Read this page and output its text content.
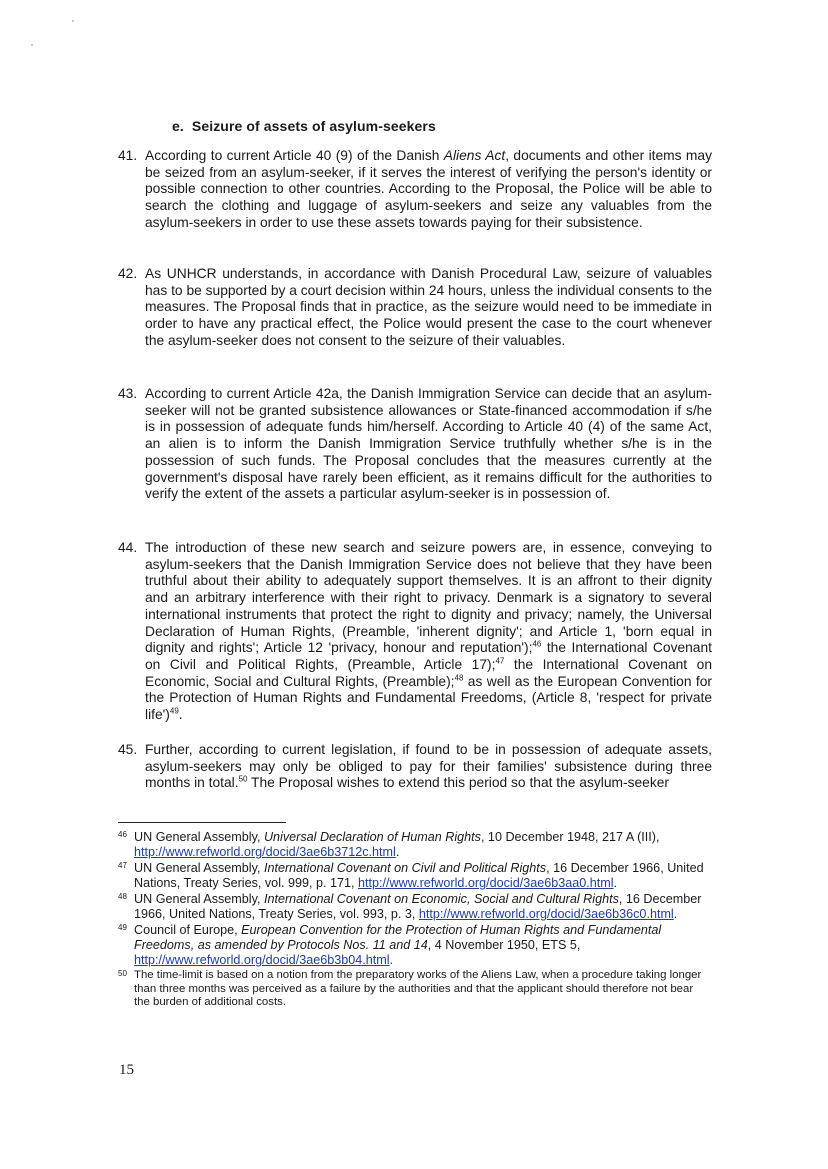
e. Seizure of assets of asylum-seekers
41. According to current Article 40 (9) of the Danish Aliens Act, documents and other items may be seized from an asylum-seeker, if it serves the interest of verifying the person's identity or possible connection to other countries. According to the Proposal, the Police will be able to search the clothing and luggage of asylum-seekers and seize any valuables from the asylum-seekers in order to use these assets towards paying for their subsistence.
42. As UNHCR understands, in accordance with Danish Procedural Law, seizure of valuables has to be supported by a court decision within 24 hours, unless the individual consents to the measures. The Proposal finds that in practice, as the seizure would need to be immediate in order to have any practical effect, the Police would present the case to the court whenever the asylum-seeker does not consent to the seizure of their valuables.
43. According to current Article 42a, the Danish Immigration Service can decide that an asylum-seeker will not be granted subsistence allowances or State-financed accommodation if s/he is in possession of adequate funds him/herself. According to Article 40 (4) of the same Act, an alien is to inform the Danish Immigration Service truthfully whether s/he is in the possession of such funds. The Proposal concludes that the measures currently at the government's disposal have rarely been efficient, as it remains difficult for the authorities to verify the extent of the assets a particular asylum-seeker is in possession of.
44. The introduction of these new search and seizure powers are, in essence, conveying to asylum-seekers that the Danish Immigration Service does not believe that they have been truthful about their ability to adequately support themselves. It is an affront to their dignity and an arbitrary interference with their right to privacy. Denmark is a signatory to several international instruments that protect the right to dignity and privacy; namely, the Universal Declaration of Human Rights, (Preamble, 'inherent dignity'; and Article 1, 'born equal in dignity and rights'; Article 12 'privacy, honour and reputation');$^{46}$ the International Covenant on Civil and Political Rights, (Preamble, Article 17);$^{47}$ the International Covenant on Economic, Social and Cultural Rights, (Preamble);$^{48}$ as well as the European Convention for the Protection of Human Rights and Fundamental Freedoms, (Article 8, 'respect for private life')$^{49}$.
45. Further, according to current legislation, if found to be in possession of adequate assets, asylum-seekers may only be obliged to pay for their families' subsistence during three months in total.$^{50}$ The Proposal wishes to extend this period so that the asylum-seeker
46 UN General Assembly, Universal Declaration of Human Rights, 10 December 1948, 217 A (III), http://www.refworld.org/docid/3ae6b3712c.html.
47 UN General Assembly, International Covenant on Civil and Political Rights, 16 December 1966, United Nations, Treaty Series, vol. 999, p. 171, http://www.refworld.org/docid/3ae6b3aa0.html.
48 UN General Assembly, International Covenant on Economic, Social and Cultural Rights, 16 December 1966, United Nations, Treaty Series, vol. 993, p. 3, http://www.refworld.org/docid/3ae6b36c0.html.
49 Council of Europe, European Convention for the Protection of Human Rights and Fundamental Freedoms, as amended by Protocols Nos. 11 and 14, 4 November 1950, ETS 5, http://www.refworld.org/docid/3ae6b3b04.html.
50 The time-limit is based on a notion from the preparatory works of the Aliens Law, when a procedure taking longer than three months was perceived as a failure by the authorities and that the applicant should therefore not bear the burden of additional costs.
15
